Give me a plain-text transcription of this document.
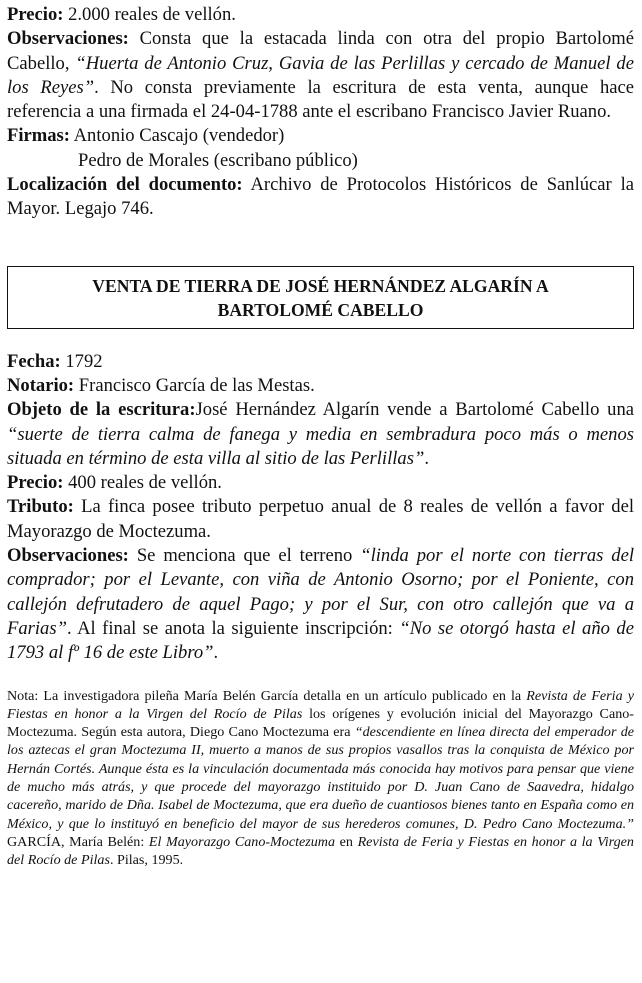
Precio: 2.000 reales de vellón.

Observaciones: Consta que la estacada linda con otra del propio Bartolomé Cabello, “Huerta de Antonio Cruz, Gavia de las Perlillas y cercado de Manuel de los Reyes”. No consta previamente la escritura de esta venta, aunque hace referencia a una firmada el 24-04-1788 ante el escribano Francisco Javier Ruano.

Firmas: Antonio Cascajo (vendedor)

Pedro de Morales (escribano público)

Localización del documento: Archivo de Protocolos Históricos de Sanlúcar la Mayor. Legajo 746.

VENTA DE TIERRA DE JOSÉ HERNÁNDEZ ALGARÍN A
BARTOLOMÉ CABELLO

Fecha: 1792

Notario: Francisco García de las Mestas.

Objeto de la escritura:José Hernández Algarín vende a Bartolomé Cabello una “suerte de tierra calma de fanega y media en sembradura poco más o menos situada en término de esta villa al sitio de las Perlillas”.

Precio: 400 reales de vellón.

Tributo: La finca posee tributo perpetuo anual de 8 reales de vellón a favor del Mayorazgo de Moctezuma.

Observaciones: Se menciona que el terreno “linda por el norte con tierras del comprador; por el Levante, con viña de Antonio Osorno; por el Poniente, con callejón defrutadero de aquel Pago; y por el Sur, con otro callejón que va a Farias”. Al final se anota la siguiente inscripción: “No se otorgó hasta el año de 1793 al fº 16 de este Libro”.

Nota: La investigadora pileña María Belén García detalla en un artículo publicado en la Revista de Feria y Fiestas en honor a la Virgen del Rocío de Pilas los orígenes y evolución inicial del Mayorazgo Cano-Moctezuma. Según esta autora, Diego Cano Moctezuma era “descendiente en línea directa del emperador de los aztecas el gran Moctezuma II, muerto a manos de sus propios vasallos tras la conquista de México por Hernán Cortés. Aunque ésta es la vinculación documentada más conocida hay motivos para pensar que viene de mucho más atrás, y que procede del mayorazgo instituido por D. Juan Cano de Saavedra, hidalgo cacereño, marido de Dña. Isabel de Moctezuma, que era dueño de cuantiosos bienes tanto en España como en México, y que lo instituyó en beneficio del mayor de sus herederos comunes, D. Pedro Cano Moctezuma.” GARCÍA, María Belén: El Mayorazgo Cano-Moctezuma en Revista de Feria y Fiestas en honor a la Virgen del Rocío de Pilas. Pilas, 1995.
